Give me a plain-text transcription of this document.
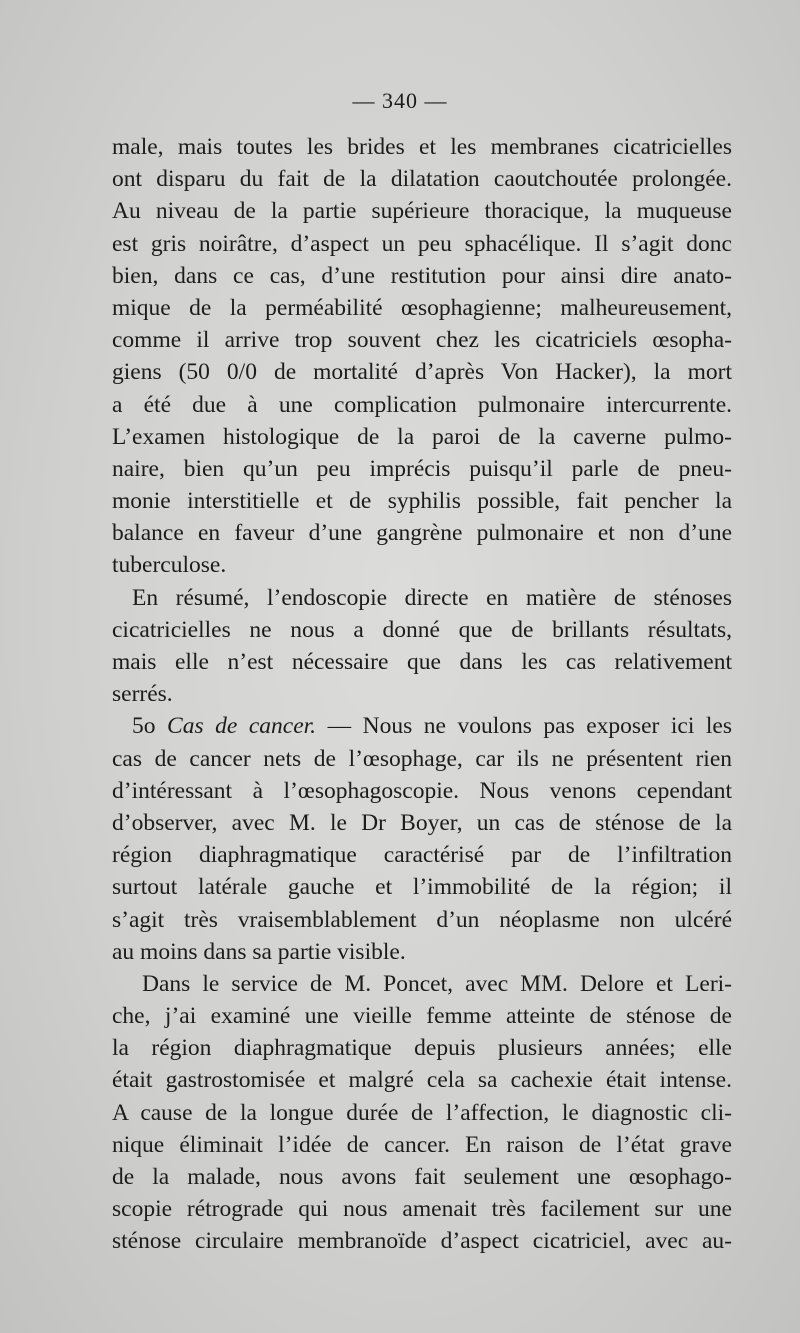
— 340 —
male, mais toutes les brides et les membranes cicatricielles
ont disparu du fait de la dilatation caoutchoutée prolongée.
Au niveau de la partie supérieure thoracique, la muqueuse
est gris noirâtre, d’aspect un peu sphacélique. Il s’agit donc
bien, dans ce cas, d’une restitution pour ainsi dire anato-
mique de la perméabilité œsophagienne; malheureusement,
comme il arrive trop souvent chez les cicatriciels œsopha-
giens (50 0/0 de mortalité d’après Von Hacker), la mort
a été due à une complication pulmonaire intercurrente.
L’examen histologique de la paroi de la caverne pulmo-
naire, bien qu’un peu imprécis puisqu’il parle de pneu-
monie interstitielle et de syphilis possible, fait pencher la
balance en faveur d’une gangrène pulmonaire et non d’une
tuberculose.
En résumé, l’endoscopie directe en matière de sténoses
cicatricielles ne nous a donné que de brillants résultats,
mais elle n’est nécessaire que dans les cas relativement
serrés.
5o Cas de cancer. — Nous ne voulons pas exposer ici les
cas de cancer nets de l’œsophage, car ils ne présentent rien
d’intéressant à l’œsophagoscopie. Nous venons cependant
d’observer, avec M. le Dr Boyer, un cas de sténose de la
région diaphragmatique caractérisé par de l’infiltration
surtout latérale gauche et l’immobilité de la région; il
s’agit très vraisemblablement d’un néoplasme non ulcéré
au moins dans sa partie visible.
Dans le service de M. Poncet, avec MM. Delore et Leri-
che, j’ai examiné une vieille femme atteinte de sténose de
la région diaphragmatique depuis plusieurs années; elle
était gastrostomisée et malgré cela sa cachexie était intense.
A cause de la longue durée de l’affection, le diagnostic cli-
nique éliminait l’idée de cancer. En raison de l’état grave
de la malade, nous avons fait seulement une œsophago-
scopie rétrograde qui nous amenait très facilement sur une
sténose circulaire membranoïde d’aspect cicatriciel, avec au-
